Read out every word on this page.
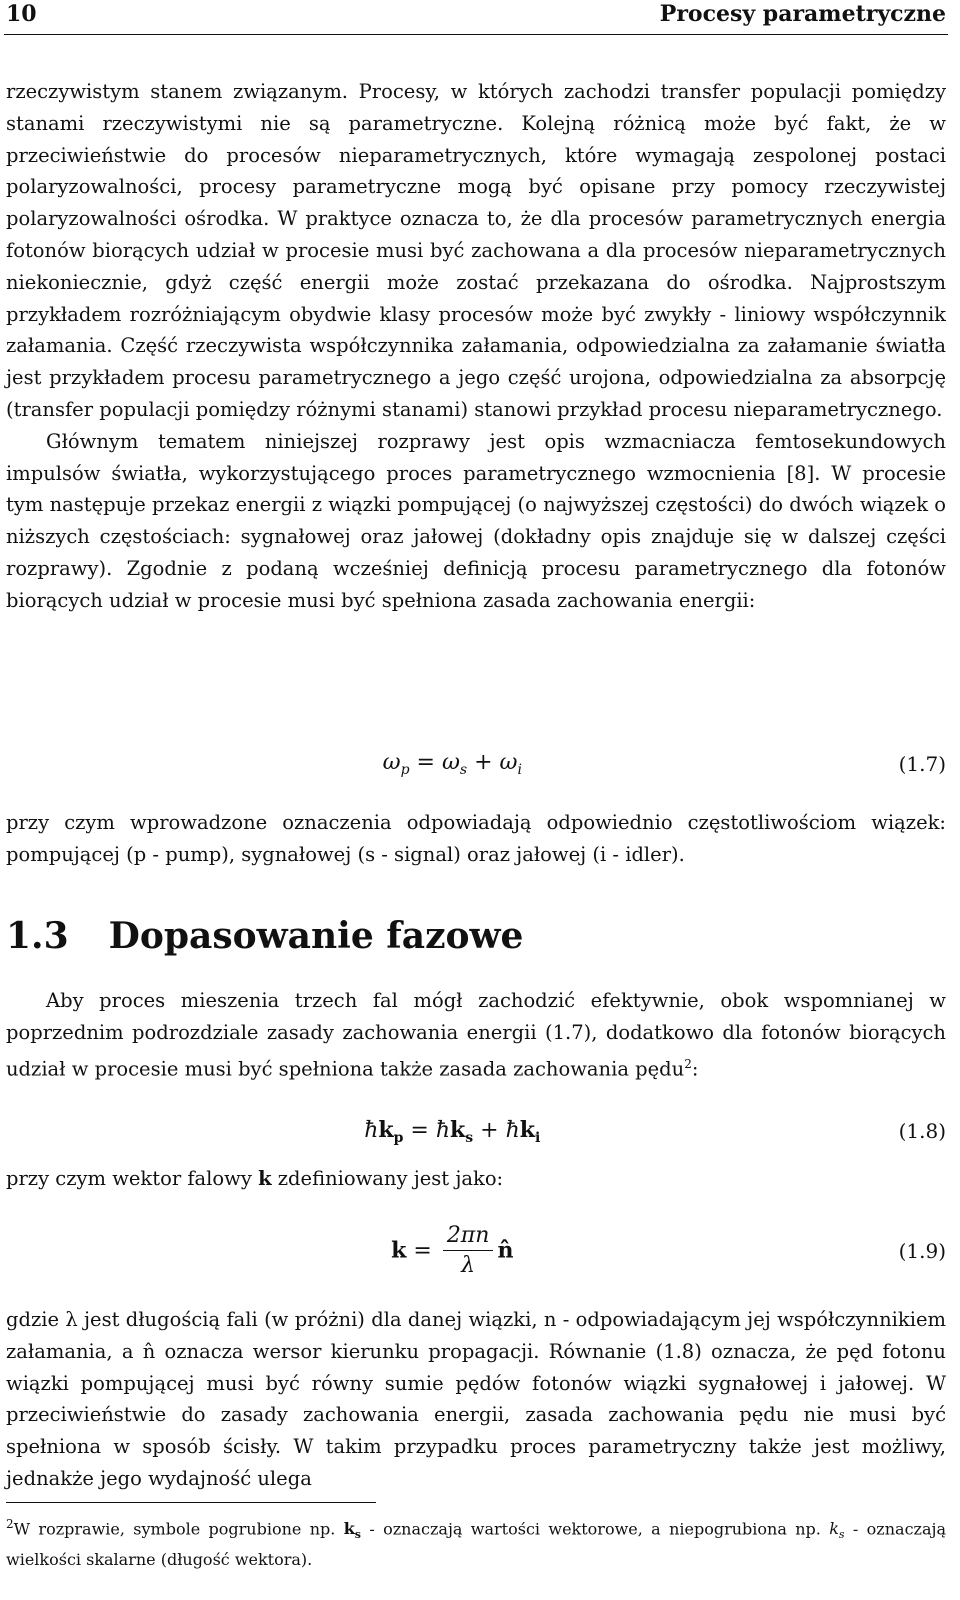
10	Procesy parametryczne

rzeczywistym stanem związanym. Procesy, w których zachodzi transfer populacji pomiędzy stanami rzeczywistymi nie są parametryczne. Kolejną różnicą może być fakt, że w przeciwieństwie do procesów nieparametrycznych, które wymagają zespolonej postaci polaryzowalności, procesy parametryczne mogą być opisane przy pomocy rzeczywistej polaryzowalności ośrodka. W praktyce oznacza to, że dla procesów parametrycznych energia fotonów biorących udział w procesie musi być zachowana a dla procesów nieparametrycznych niekoniecznie, gdyż część energii może zostać przekazana do ośrodka. Najprostszym przykładem rozróżniającym obydwie klasy procesów może być zwykły - liniowy współczynnik załamania. Część rzeczywista współczynnika załamania, odpowiedzialna za załamanie światła jest przykładem procesu parametrycznego a jego część urojona, odpowiedzialna za absorpcję (transfer populacji pomiędzy różnymi stanami) stanowi przykład procesu nieparametrycznego.

Głównym tematem niniejszej rozprawy jest opis wzmacniacza femtosekundowych impulsów światła, wykorzystującego proces parametrycznego wzmocnienia [8]. W procesie tym następuje przekaz energii z wiązki pompującej (o najwyższej częstości) do dwóch wiązek o niższych częstościach: sygnałowej oraz jałowej (dokładny opis znajduje się w dalszej części rozprawy). Zgodnie z podaną wcześniej definicją procesu parametrycznego dla fotonów biorących udział w procesie musi być spełniona zasada zachowania energii:

$\omega_p = \omega_s + \omega_i$	(1.7)

przy czym wprowadzone oznaczenia odpowiadają odpowiednio częstotliwościom wiązek: pompującej (p - pump), sygnałowej (s - signal) oraz jałowej (i - idler).

1.3 Dopasowanie fazowe

Aby proces mieszenia trzech fal mógł zachodzić efektywnie, obok wspomnianej w poprzednim podrozdziale zasady zachowania energii (1.7), dodatkowo dla fotonów biorących udział w procesie musi być spełniona także zasada zachowania pędu$^2$:

$ħk_p$ = $ħk_s$ + $ħk_i$	(1.8)

przy czym wektor falowy k zdefiniowany jest jako:

$k = \frac{2\pi n}{\lambda}$ n̂	(1.9)

gdzie λ jest długością fali (w próżni) dla danej wiązki, n - odpowiadającym jej współczynnikiem załamania, a n̂ oznacza wersor kierunku propagacji. Równanie (1.8) oznacza, że pęd fotonu wiązki pompującej musi być równy sumie pędów fotonów wiązki sygnałowej i jałowej. W przeciwieństwie do zasady zachowania energii, zasada zachowania pędu nie musi być spełniona w sposób ścisły. W takim przypadku proces parametryczny także jest możliwy, jednakże jego wydajność ulega

$^2$W rozprawie, symbole pogrubione np. $k_s$ - oznaczają wartości wektorowe, a niepogrubiona np. $k_s$ - oznaczają wielkości skalarne (długość wektora).
